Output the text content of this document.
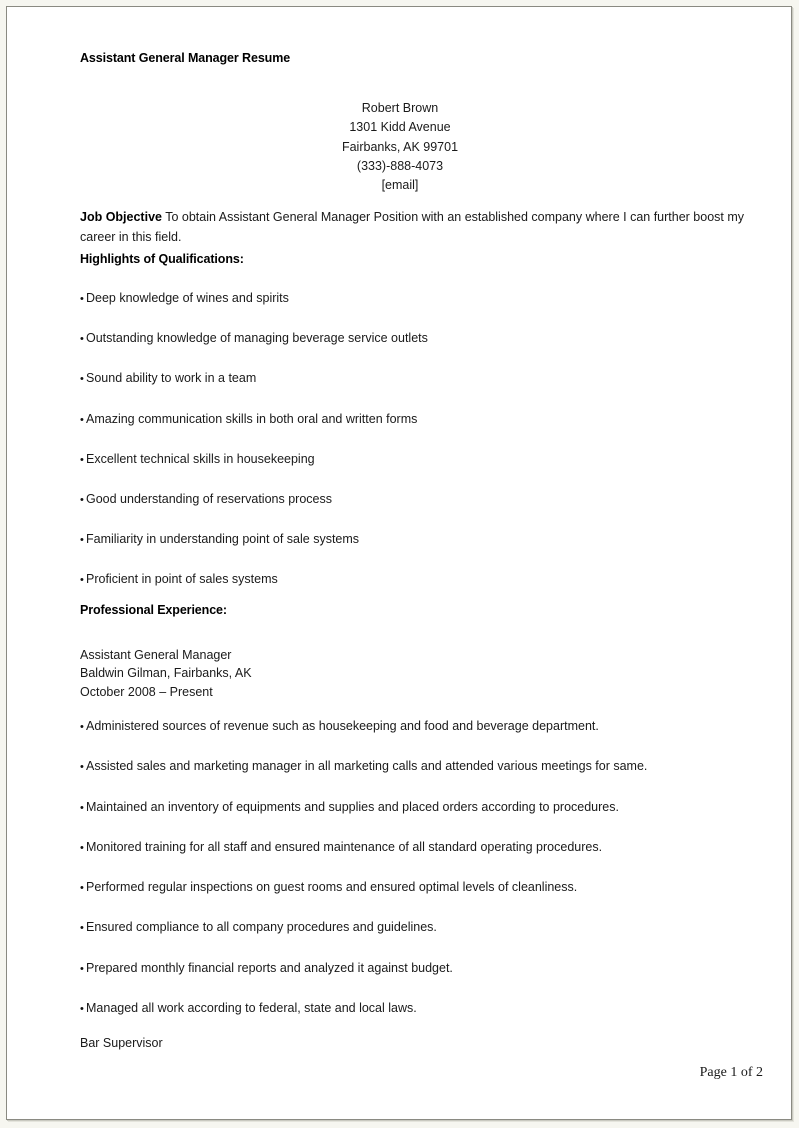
Assistant General Manager Resume
Robert Brown
1301 Kidd Avenue
Fairbanks, AK 99701
(333)-888-4073
[email]

Job Objective To obtain Assistant General Manager Position with an established company where I can further boost my career in this field.

Highlights of Qualifications:
• Deep knowledge of wines and spirits
• Outstanding knowledge of managing beverage service outlets
• Sound ability to work in a team
• Amazing communication skills in both oral and written forms
• Excellent technical skills in housekeeping
• Good understanding of reservations process
• Familiarity in understanding point of sale systems
• Proficient in point of sales systems
Professional Experience:
Assistant General Manager
Baldwin Gilman, Fairbanks, AK
October 2008 – Present
• Administered sources of revenue such as housekeeping and food and beverage department.
• Assisted sales and marketing manager in all marketing calls and attended various meetings for same.
• Maintained an inventory of equipments and supplies and placed orders according to procedures.
• Monitored training for all staff and ensured maintenance of all standard operating procedures.
• Performed regular inspections on guest rooms and ensured optimal levels of cleanliness.
• Ensured compliance to all company procedures and guidelines.
• Prepared monthly financial reports and analyzed it against budget.
• Managed all work according to federal, state and local laws.
Bar Supervisor
Page 1 of 2
